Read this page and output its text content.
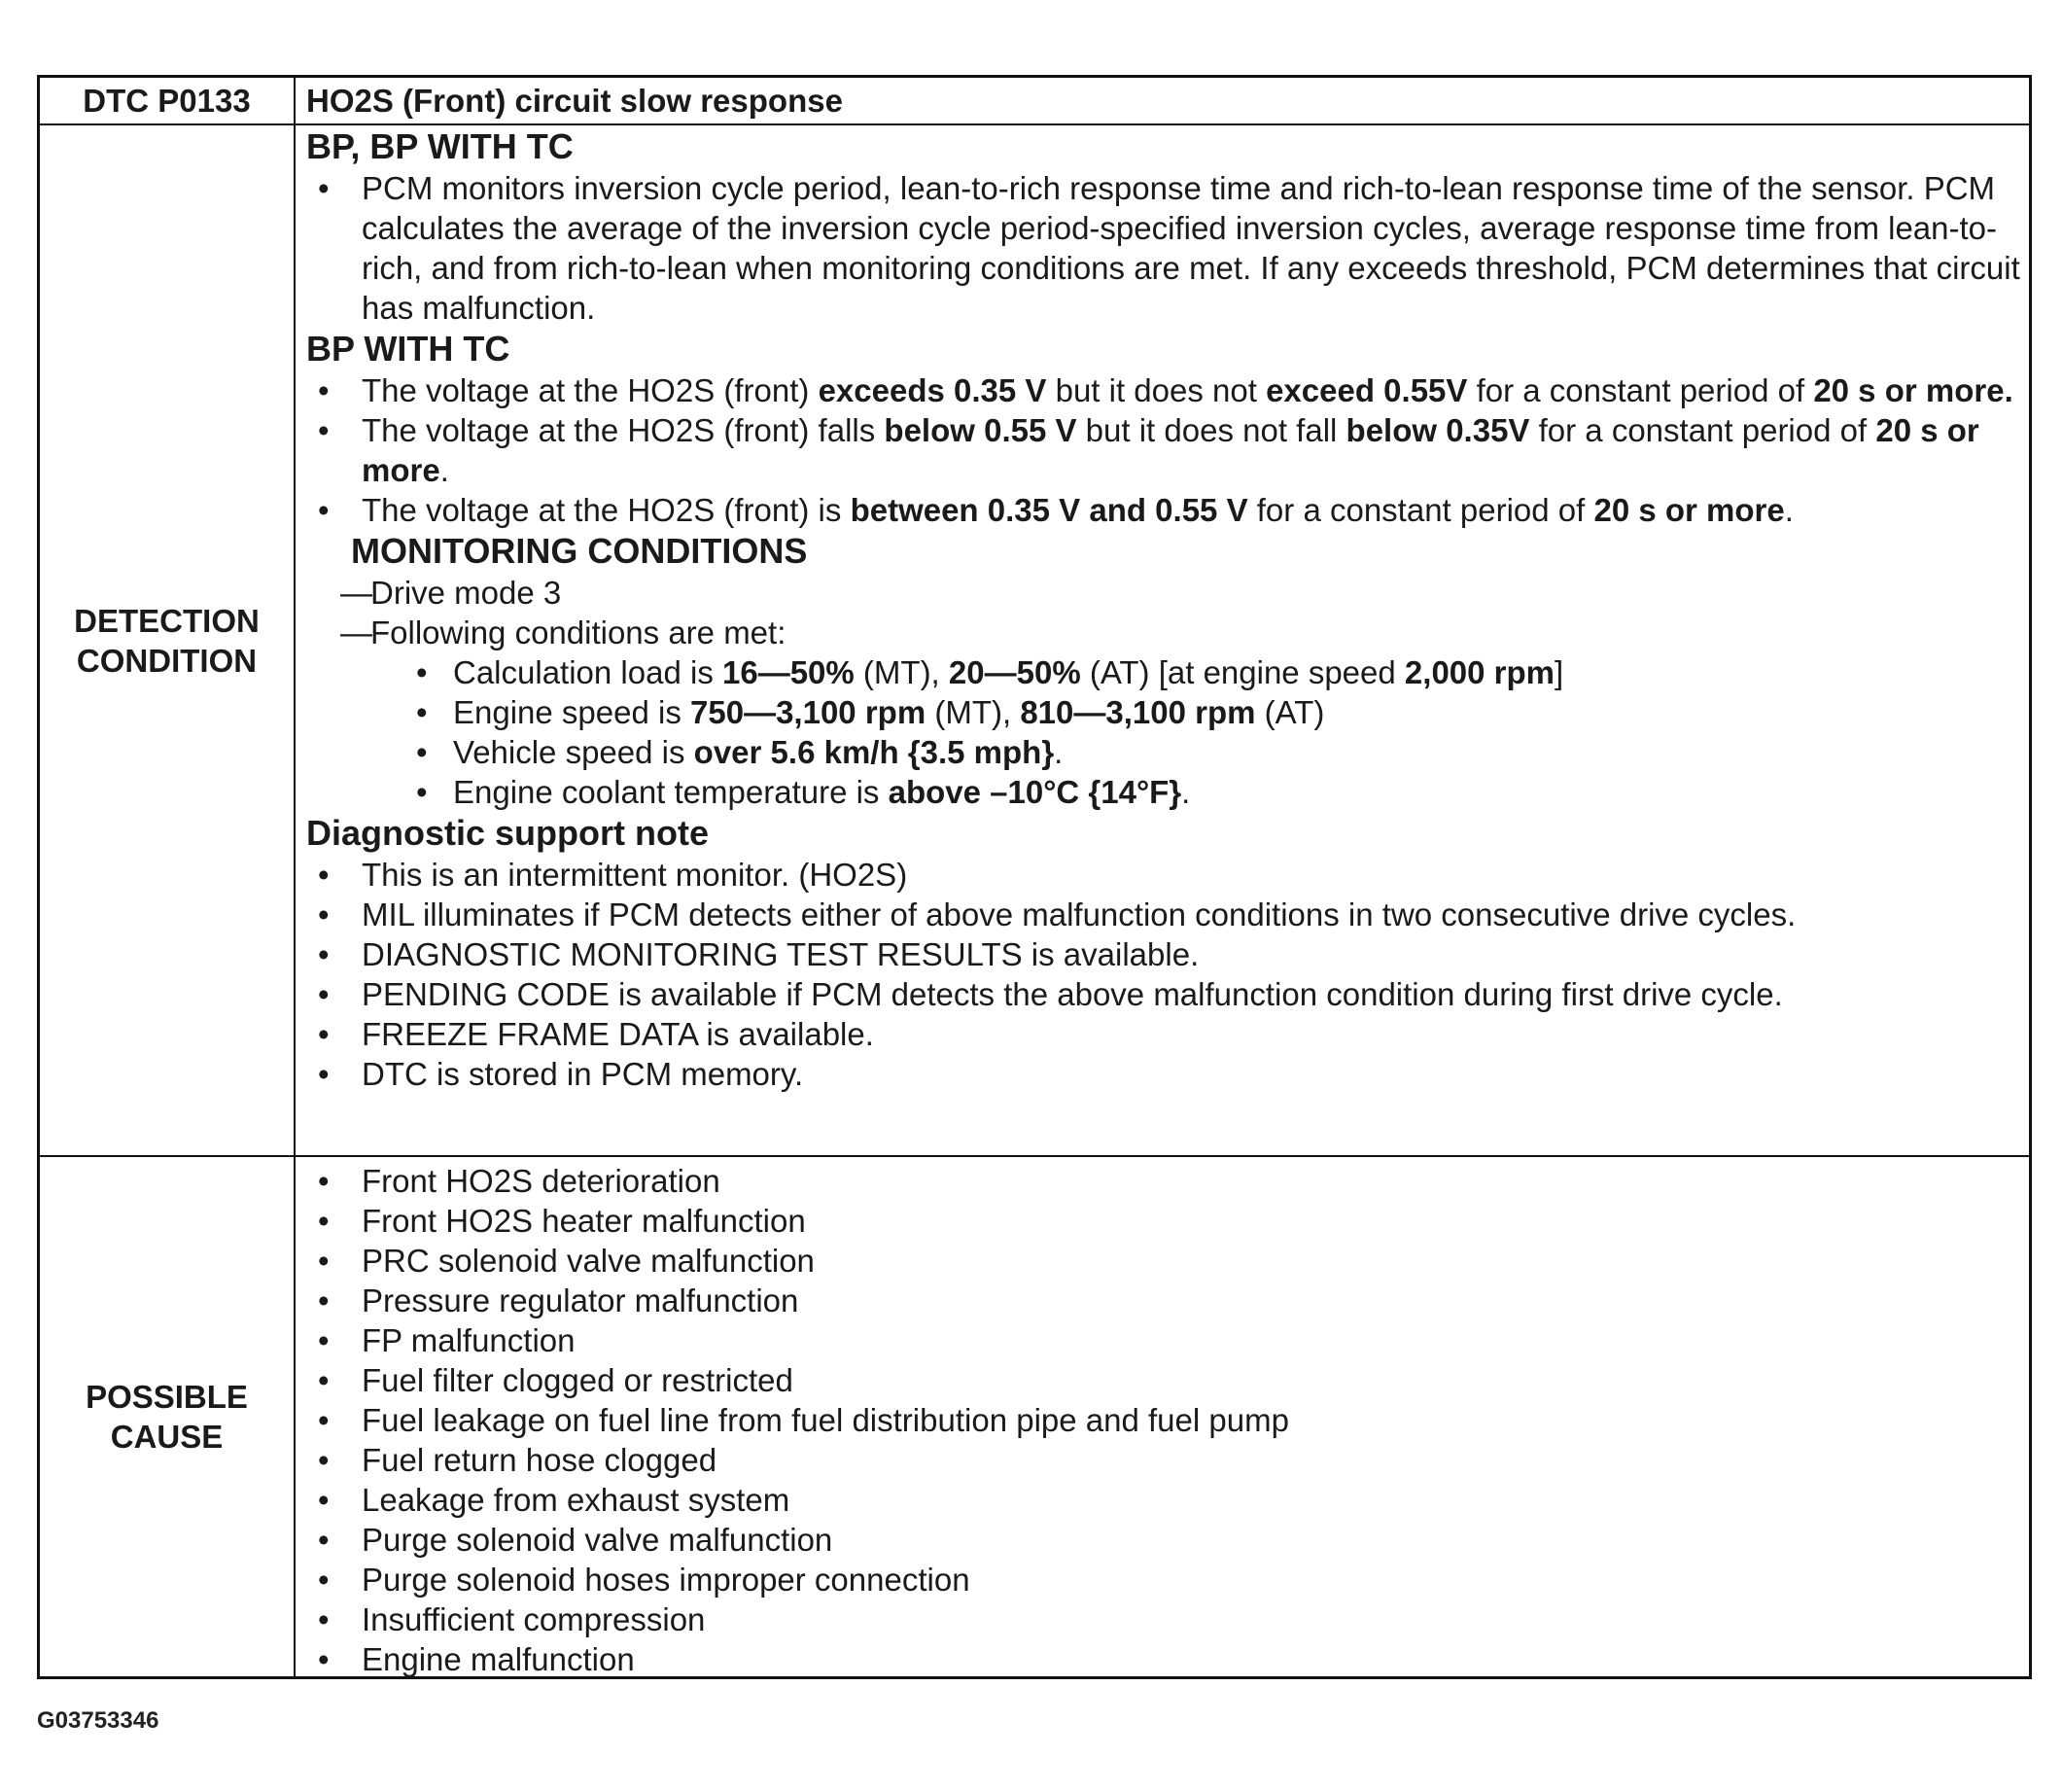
DTC P0133	HO2S (Front) circuit slow response
DETECTION CONDITION

BP, BP WITH TC

• PCM monitors inversion cycle period, lean-to-rich response time and rich-to-lean response time of the sensor. PCM calculates the average of the inversion cycle period-specified inversion cycles, average response time from lean-to-rich, and from rich-to-lean when monitoring conditions are met. If any exceeds threshold, PCM determines that circuit has malfunction.

BP WITH TC

• The voltage at the HO2S (front) exceeds 0.35 V but it does not exceed 0.55V for a constant period of 20 s or more.
• The voltage at the HO2S (front) falls below 0.55 V but it does not fall below 0.35V for a constant period of 20 s or more.
• The voltage at the HO2S (front) is between 0.35 V and 0.55 V for a constant period of 20 s or more.

MONITORING CONDITIONS

— Drive mode 3
— Following conditions are met:
• Calculation load is 16—50% (MT), 20—50% (AT) [at engine speed 2,000 rpm]
• Engine speed is 750—3,100 rpm (MT), 810—3,100 rpm (AT)
• Vehicle speed is over 5.6 km/h {3.5 mph}.
• Engine coolant temperature is above –10°C {14°F}.

Diagnostic support note

• This is an intermittent monitor. (HO2S)
• MIL illuminates if PCM detects either of above malfunction conditions in two consecutive drive cycles.
• DIAGNOSTIC MONITORING TEST RESULTS is available.
• PENDING CODE is available if PCM detects the above malfunction condition during first drive cycle.
• FREEZE FRAME DATA is available.
• DTC is stored in PCM memory.
POSSIBLE CAUSE
• Front HO2S deterioration
• Front HO2S heater malfunction
• PRC solenoid valve malfunction
• Pressure regulator malfunction
• FP malfunction
• Fuel filter clogged or restricted
• Fuel leakage on fuel line from fuel distribution pipe and fuel pump
• Fuel return hose clogged
• Leakage from exhaust system
• Purge solenoid valve malfunction
• Purge solenoid hoses improper connection
• Insufficient compression
• Engine malfunction
G03753346
